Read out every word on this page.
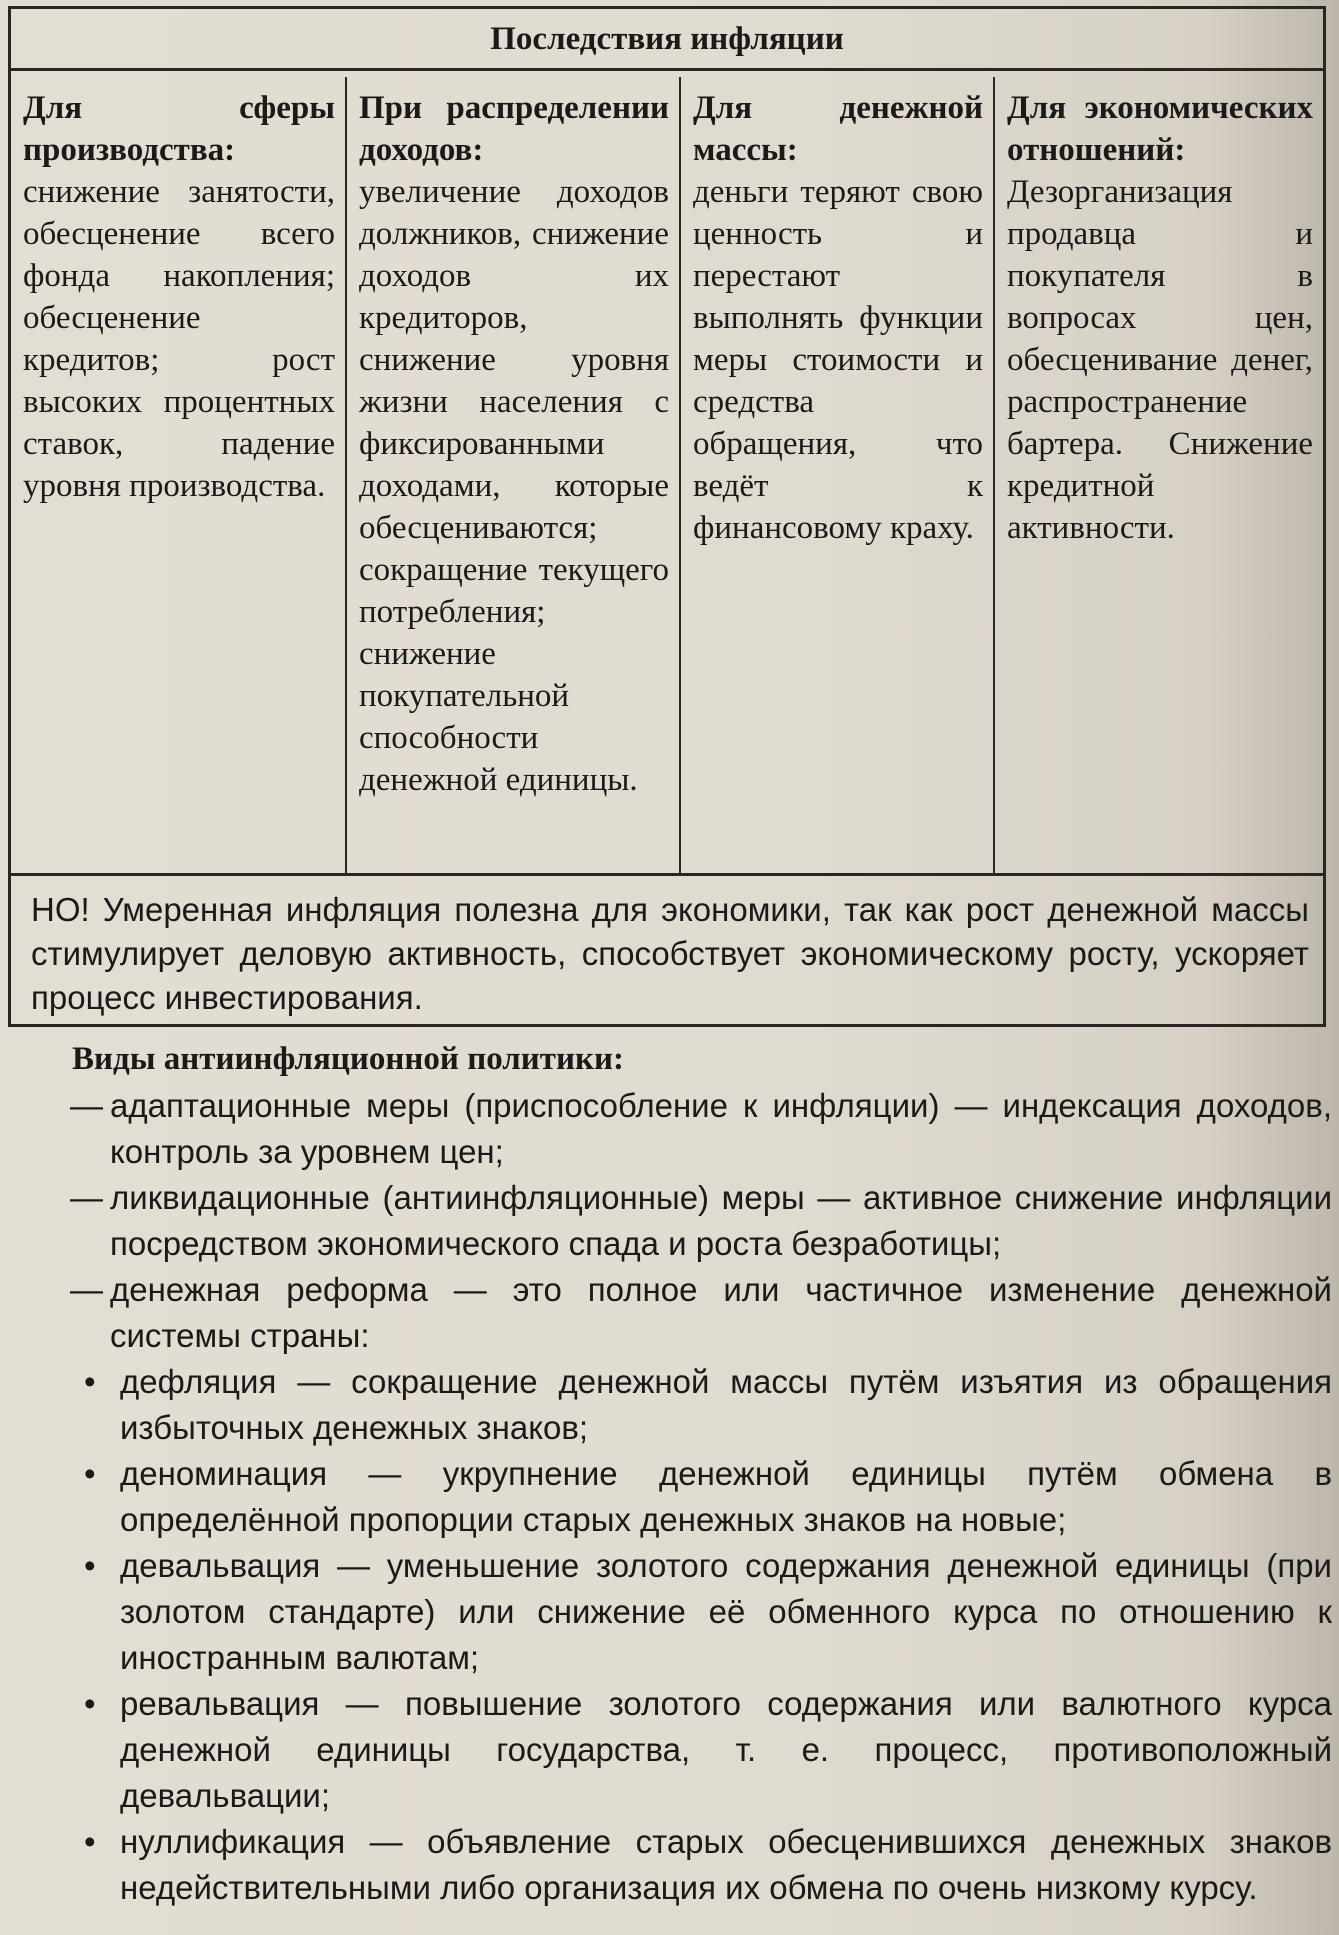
Последствия инфляции
Для сферы производства:
снижение занятости, обесценение всего фонда накопления; обесценение кредитов; рост высоких процентных ставок, падение уровня производства.
При распределении доходов:
увеличение доходов должников, снижение доходов их кредиторов, снижение уровня жизни населения с фиксированными доходами, которые обесцениваются; сокращение текущего потребления; снижение покупательной способности денежной единицы.
Для денежной массы:
деньги теряют свою ценность и перестают выполнять функции меры стоимости и средства обращения, что ведёт к финансовому краху.
Для экономических отношений:
Дезорганизация продавца и покупателя в вопросах цен, обесценивание денег, распространение бартера. Снижение кредитной активности.
НО! Умеренная инфляция полезна для экономики, так как рост денежной массы стимулирует деловую активность, способствует экономическому росту, ускоряет процесс инвестирования.
Виды антиинфляционной политики:
— адаптационные меры (приспособление к инфляции) — индексация доходов, контроль за уровнем цен;
— ликвидационные (антиинфляционные) меры — активное снижение инфляции посредством экономического спада и роста безработицы;
— денежная реформа — это полное или частичное изменение денежной системы страны:
• дефляция — сокращение денежной массы путём изъятия из обращения избыточных денежных знаков;
• деноминация — укрупнение денежной единицы путём обмена в определённой пропорции старых денежных знаков на новые;
• девальвация — уменьшение золотого содержания денежной единицы (при золотом стандарте) или снижение её обменного курса по отношению к иностранным валютам;
• ревальвация — повышение золотого содержания или валютного курса денежной единицы государства, т. е. процесс, противоположный девальвации;
• нуллификация — объявление старых обесценившихся денежных знаков недействительными либо организация их обмена по очень низкому курсу.
